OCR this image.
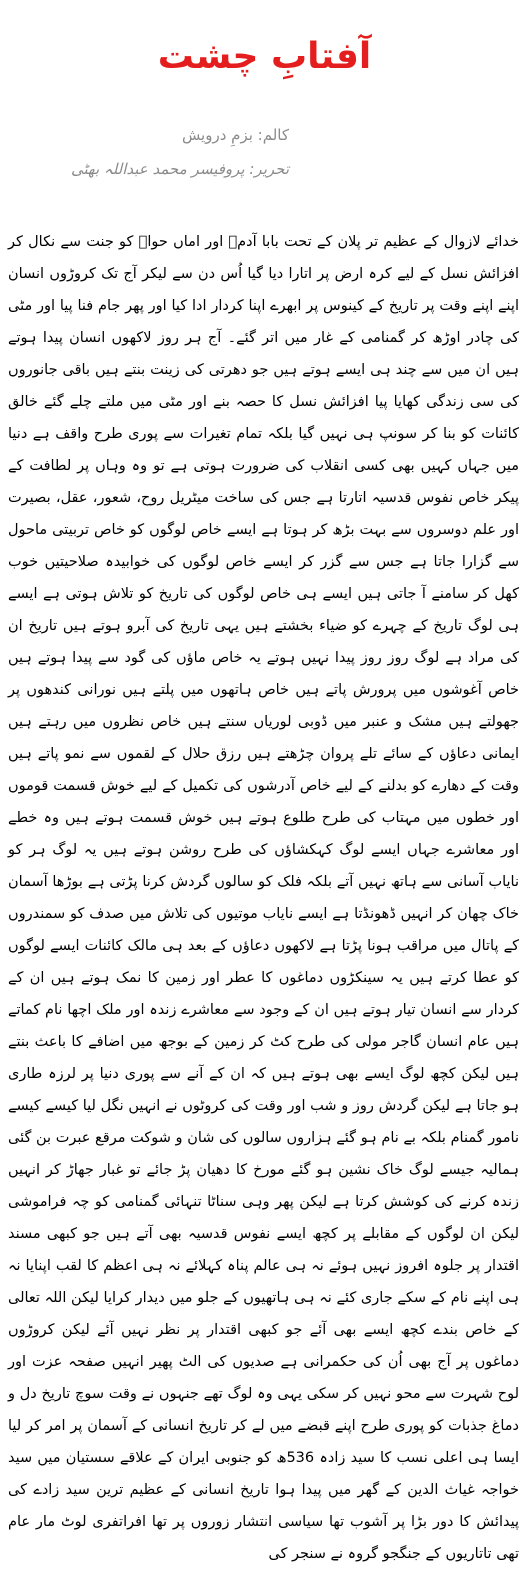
آفتابِ چشت

کالم: بزمِ درویش

تحریر: پروفیسر محمد عبداللہ بھٹی

خدائے لازوال کے عظیم تر پلان کے تحت بابا آدمؑ اور اماں حواؑ کو جنت سے نکال کر افزائش نسل کے لیے کرہ ارض پر اتارا دیا گیا اُس دن سے لیکر آج تک کروڑوں انسان اپنے اپنے وقت پر تاریخ کے کینوس پر ابھرے اپنا کردار ادا کیا اور پھر جام فنا پیا اور مٹی کی چادر اوڑھ کر گمنامی کے غار میں اتر گئے۔ آج ہر روز لاکھوں انسان پیدا ہوتے ہیں ان میں سے چند ہی ایسے ہوتے ہیں جو دھرتی کی زینت بنتے ہیں باقی جانوروں کی سی زندگی کھایا پیا افزائش نسل کا حصہ بنے اور مٹی میں ملتے چلے گئے خالق کائنات کو بنا کر سونپ ہی نہیں گیا بلکہ تمام تغیرات سے پوری طرح واقف ہے دنیا میں جہاں کہیں بھی کسی انقلاب کی ضرورت ہوتی ہے تو وہ وہاں پر لطافت کے پیکر خاص نفوس قدسیہ اتارتا ہے جس کی ساخت میٹریل روح، شعور، عقل، بصیرت اور علم دوسروں سے بہت بڑھ کر ہوتا ہے ایسے خاص لوگوں کو خاص تربیتی ماحول سے گزارا جاتا ہے جس سے گزر کر ایسے خاص لوگوں کی خوابیدہ صلاحیتیں خوب کھل کر سامنے آ جاتی ہیں ایسے ہی خاص لوگوں کی تاریخ کو تلاش ہوتی ہے ایسے ہی لوگ تاریخ کے چہرے کو ضیاء بخشتے ہیں یہی تاریخ کی آبرو ہوتے ہیں تاریخ ان کی مراد ہے لوگ روز روز پیدا نہیں ہوتے یہ خاص ماؤں کی گود سے پیدا ہوتے ہیں خاص آغوشوں میں پرورش پاتے ہیں خاص ہاتھوں میں پلتے ہیں نورانی کندھوں پر جھولتے ہیں مشک و عنبر میں ڈوبی لوریاں سنتے ہیں خاص نظروں میں رہتے ہیں ایمانی دعاؤں کے سائے تلے پروان چڑھتے ہیں رزق حلال کے لقموں سے نمو پاتے ہیں وقت کے دھارے کو بدلنے کے لیے خاص آدرشوں کی تکمیل کے لیے خوش قسمت قوموں اور خطوں میں مہتاب کی طرح طلوع ہوتے ہیں خوش قسمت ہوتے ہیں وہ خطے اور معاشرے جہاں ایسے لوگ کہکشاؤں کی طرح روشن ہوتے ہیں یہ لوگ ہر کو نایاب آسانی سے ہاتھ نہیں آتے بلکہ فلک کو سالوں گردش کرنا پڑتی ہے بوڑھا آسمان خاک چھان کر انہیں ڈھونڈتا ہے ایسے نایاب موتیوں کی تلاش میں صدف کو سمندروں کے پاتال میں مراقب ہونا پڑتا ہے لاکھوں دعاؤں کے بعد ہی مالک کائنات ایسے لوگوں کو عطا کرتے ہیں یہ سینکڑوں دماغوں کا عطر اور زمین کا نمک ہوتے ہیں ان کے کردار سے انسان تیار ہوتے ہیں ان کے وجود سے معاشرے زندہ اور ملک اچھا نام کماتے ہیں عام انسان گاجر مولی کی طرح کٹ کر زمین کے بوجھ میں اضافے کا باعث بنتے ہیں لیکن کچھ لوگ ایسے بھی ہوتے ہیں کہ ان کے آنے سے پوری دنیا پر لرزہ طاری ہو جاتا ہے لیکن گردش روز و شب اور وقت کی کروٹوں نے انہیں نگل لیا کیسے کیسے نامور گمنام بلکہ بے نام ہو گئے ہزاروں سالوں کی شان و شوکت مرقع عبرت بن گئی ہمالیہ جیسے لوگ خاک نشین ہو گئے مورخ کا دھیان پڑ جائے تو غبار جھاڑ کر انہیں زندہ کرنے کی کوشش کرتا ہے لیکن پھر وہی سناٹا تنہائی گمنامی کو چہ فراموشی لیکن ان لوگوں کے مقابلے پر کچھ ایسے نفوس قدسیہ بھی آتے ہیں جو کبھی مسند اقتدار پر جلوہ افروز نہیں ہوئے نہ ہی عالم پناہ کہلائے نہ ہی اعظم کا لقب اپنایا نہ ہی اپنے نام کے سکے جاری کئے نہ ہی ہاتھیوں کے جلو میں دیدار کرایا لیکن اللہ تعالی کے خاص بندے کچھ ایسے بھی آئے جو کبھی اقتدار پر نظر نہیں آئے لیکن کروڑوں دماغوں پر آج بھی اُن کی حکمرانی ہے صدیوں کی الٹ پھیر انہیں صفحہ عزت اور لوح شہرت سے محو نہیں کر سکی یہی وہ لوگ تھے جنہوں نے وقت سوچ تاریخ دل و دماغ جذبات کو پوری طرح اپنے قبضے میں لے کر تاریخ انسانی کے آسمان پر امر کر لیا ایسا ہی اعلی نسب کا سید زادہ 536ھ کو جنوبی ایران کے علاقے سستیان میں سید خواجہ غیاث الدین کے گھر میں پیدا ہوا تاریخ انسانی کے عظیم ترین سید زادے کی پیدائش کا دور بڑا پر آشوب تھا سیاسی انتشار زوروں پر تھا افراتفری لوٹ مار عام تھی تاتاریوں کے جنگجو گروہ نے سنجر کی
